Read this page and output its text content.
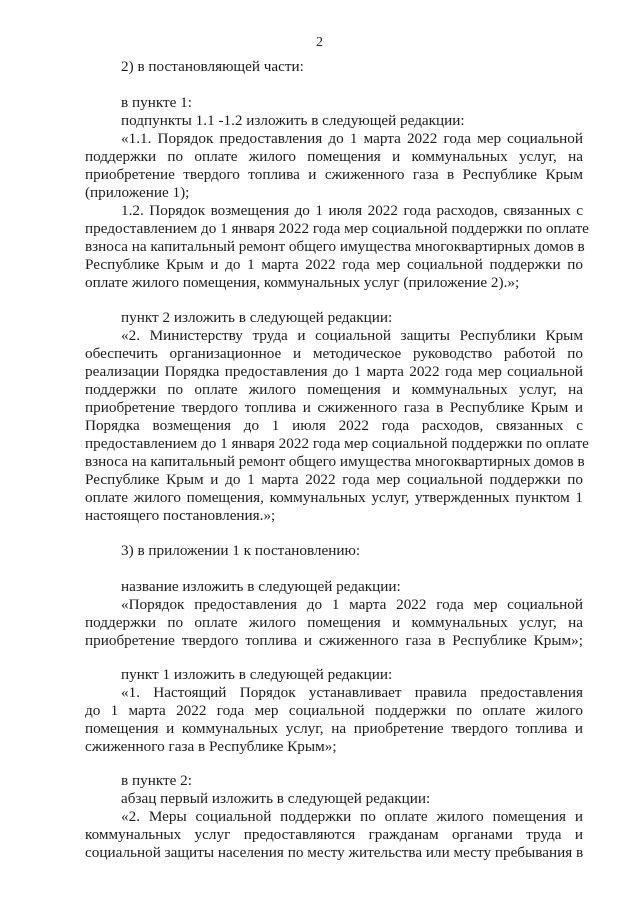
2
2) в постановляющей части:
в пункте 1:
подпункты 1.1 -1.2 изложить в следующей редакции:
«1.1. Порядок предоставления до 1 марта 2022 года мер социальной
поддержки по оплате жилого помещения и коммунальных услуг, на
приобретение твердого топлива и сжиженного газа в Республике Крым
(приложение 1);
1.2. Порядок возмещения до 1 июля 2022 года расходов, связанных с
предоставлением до 1 января 2022 года мер социальной поддержки по оплате
взноса на капитальный ремонт общего имущества многоквартирных домов в
Республике Крым и до 1 марта 2022 года мер социальной поддержки по
оплате жилого помещения, коммунальных услуг (приложение 2).»;
пункт 2 изложить в следующей редакции:
«2. Министерству труда и социальной защиты Республики Крым
обеспечить организационное и методическое руководство работой по
реализации Порядка предоставления до 1 марта 2022 года мер социальной
поддержки по оплате жилого помещения и коммунальных услуг, на
приобретение твердого топлива и сжиженного газа в Республике Крым и
Порядка возмещения до 1 июля 2022 года расходов, связанных с
предоставлением до 1 января 2022 года мер социальной поддержки по оплате
взноса на капитальный ремонт общего имущества многоквартирных домов в
Республике Крым и до 1 марта 2022 года мер социальной поддержки по
оплате жилого помещения, коммунальных услуг, утвержденных пунктом 1
настоящего постановления.»;
3) в приложении 1 к постановлению:
название изложить в следующей редакции:
«Порядок предоставления до 1 марта 2022 года мер социальной
поддержки по оплате жилого помещения и коммунальных услуг, на
приобретение твердого топлива и сжиженного газа в Республике Крым»;
пункт 1 изложить в следующей редакции:
«1. Настоящий Порядок устанавливает правила предоставления
до 1 марта 2022 года мер социальной поддержки по оплате жилого
помещения и коммунальных услуг, на приобретение твердого топлива и
сжиженного газа в Республике Крым»;
в пункте 2:
абзац первый изложить в следующей редакции:
«2. Меры социальной поддержки по оплате жилого помещения и
коммунальных услуг предоставляются гражданам органами труда и
социальной защиты населения по месту жительства или месту пребывания в
